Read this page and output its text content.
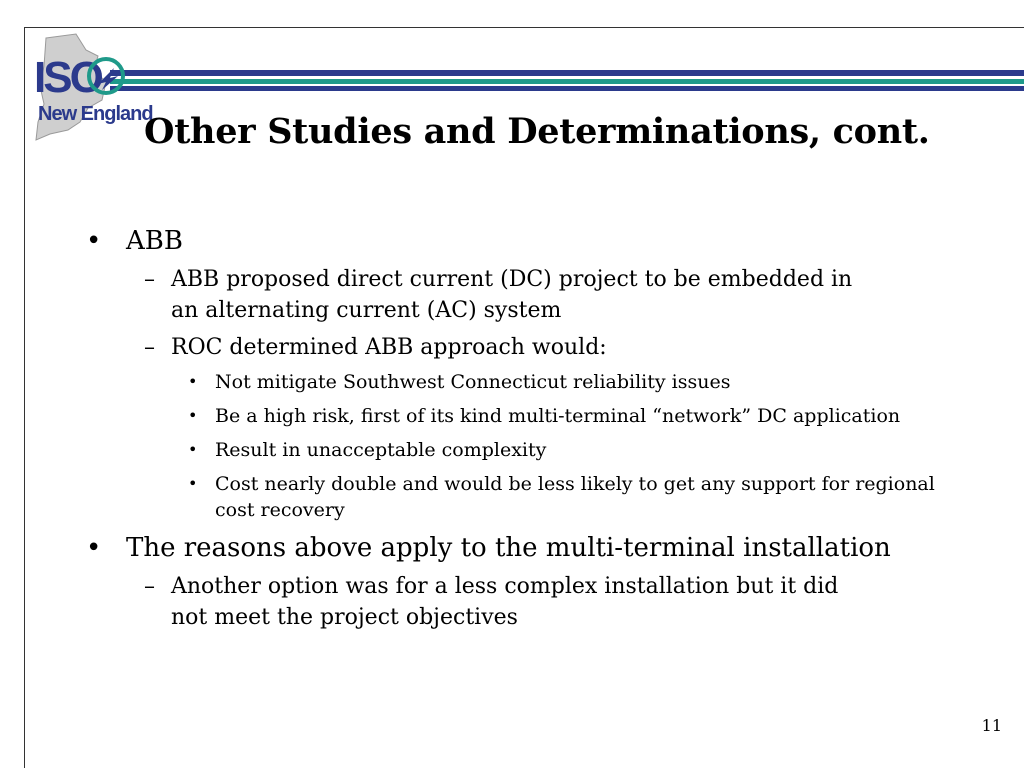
ISO
New England
Other Studies and Determinations, cont.
• ABB
– ABB proposed direct current (DC) project to be embedded in an alternating current (AC) system
– ROC determined ABB approach would:
• Not mitigate Southwest Connecticut reliability issues
• Be a high risk, first of its kind multi-terminal “network” DC application
• Result in unacceptable complexity
• Cost nearly double and would be less likely to get any support for regional cost recovery
• The reasons above apply to the multi-terminal installation
– Another option was for a less complex installation but it did not meet the project objectives
11
